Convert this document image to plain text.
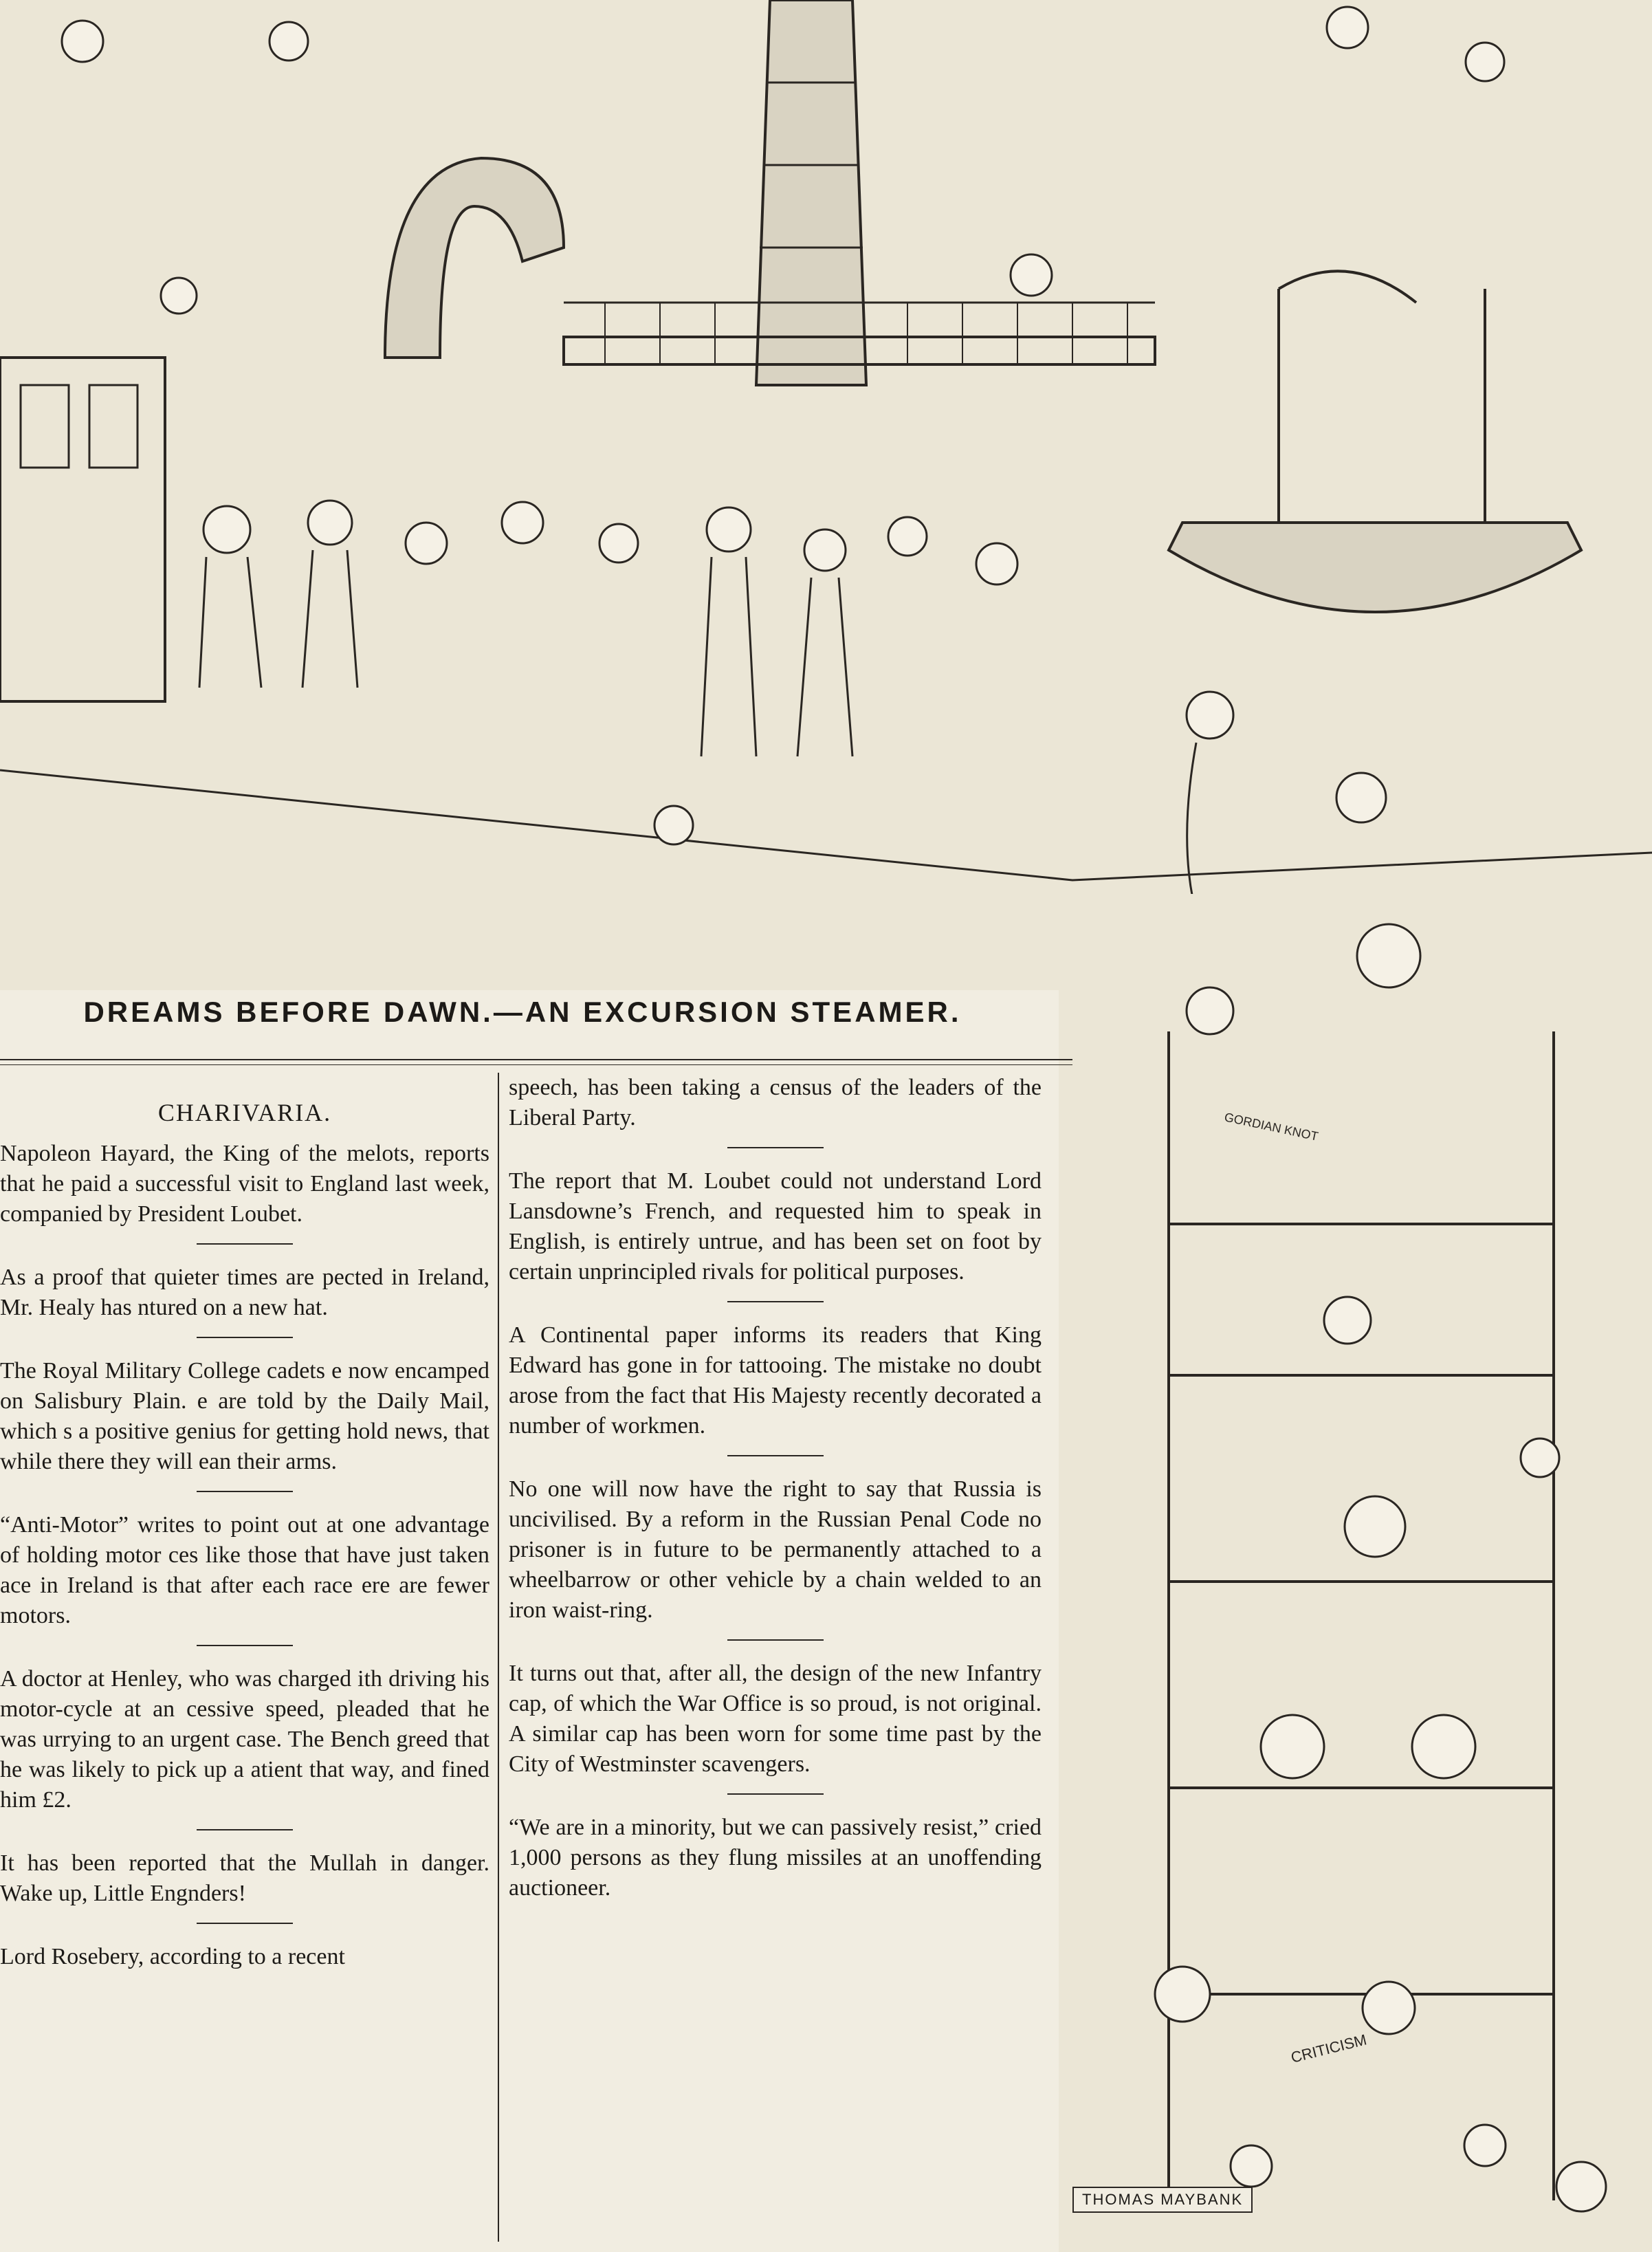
CRITICISM
GORDIAN KNOT
DREAMS BEFORE DAWN.—AN EXCURSION STEAMER.
CHARIVARIA.

Napoleon Hayard, the King of the melots, reports that he paid a successful visit to England last week, companied by President Loubet.

As a proof that quieter times are pected in Ireland, Mr. Healy has ntured on a new hat.

The Royal Military College cadets e now encamped on Salisbury Plain. e are told by the Daily Mail, which s a positive genius for getting hold news, that while there they will ean their arms.

“Anti-Motor” writes to point out at one advantage of holding motor ces like those that have just taken ace in Ireland is that after each race ere are fewer motors.

A doctor at Henley, who was charged ith driving his motor-cycle at an cessive speed, pleaded that he was urrying to an urgent case. The Bench greed that he was likely to pick up a atient that way, and fined him £2.

It has been reported that the Mullah in danger. Wake up, Little Engnders!

Lord Rosebery, according to a recent

speech, has been taking a census of the leaders of the Liberal Party.

The report that M. Loubet could not understand Lord Lansdowne’s French, and requested him to speak in English, is entirely untrue, and has been set on foot by certain unprincipled rivals for political purposes.

A Continental paper informs its readers that King Edward has gone in for tattooing. The mistake no doubt arose from the fact that His Majesty recently decorated a number of workmen.

No one will now have the right to say that Russia is uncivilised. By a reform in the Russian Penal Code no prisoner is in future to be permanently attached to a wheelbarrow or other vehicle by a chain welded to an iron waist-ring.

It turns out that, after all, the design of the new Infantry cap, of which the War Office is so proud, is not original. A similar cap has been worn for some time past by the City of Westminster scavengers.

“We are in a minority, but we can passively resist,” cried 1,000 persons as they flung missiles at an unoffending auctioneer.

THOMAS MAYBANK
